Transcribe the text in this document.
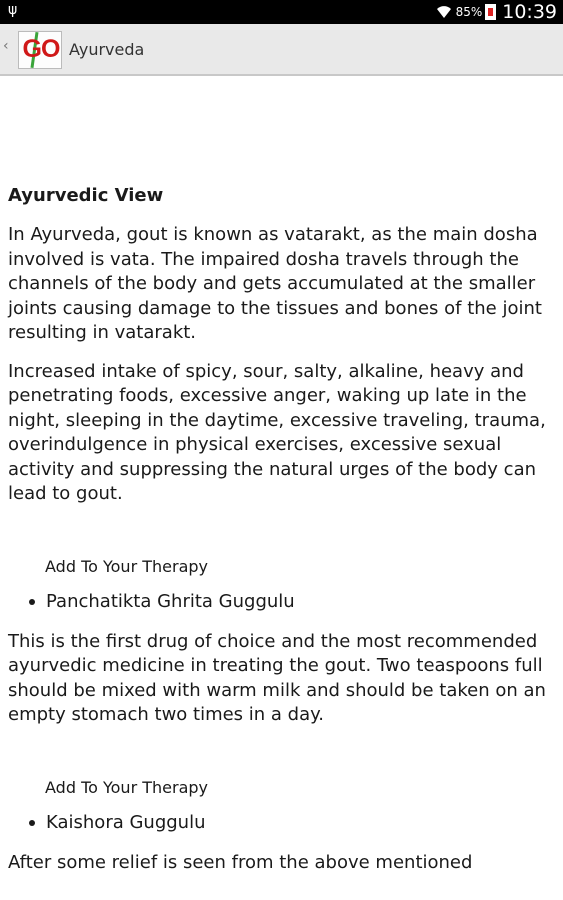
ψ	85% 10:39
‹ GO Ayurveda
Ayurvedic View

In Ayurveda, gout is known as vatarakt, as the main dosha involved is vata. The impaired dosha travels through the channels of the body and gets accumulated at the smaller joints causing damage to the tissues and bones of the joint resulting in vatarakt.

Increased intake of spicy, sour, salty, alkaline, heavy and penetrating foods, excessive anger, waking up late in the night, sleeping in the daytime, excessive traveling, trauma, overindulgence in physical exercises, excessive sexual activity and suppressing the natural urges of the body can lead to gout.

Add To Your Therapy
Panchatikta Ghrita Guggulu

This is the first drug of choice and the most recommended ayurvedic medicine in treating the gout. Two teaspoons full should be mixed with warm milk and should be taken on an empty stomach two times in a day.

Add To Your Therapy
Kaishora Guggulu

After some relief is seen from the above mentioned
